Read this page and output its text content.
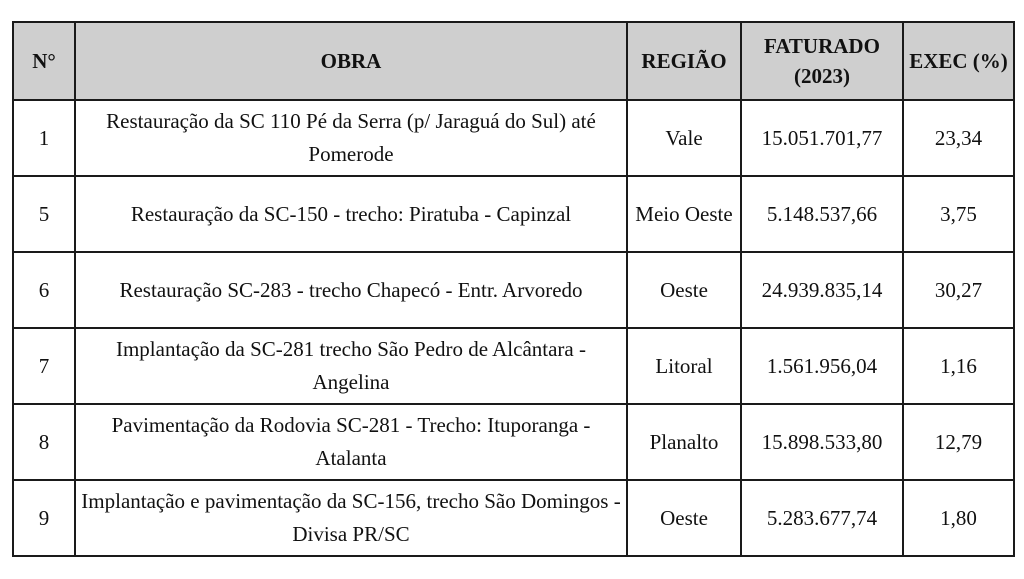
N°	OBRA	REGIÃO	FATURADO (2023)	EXEC (%)
1	Restauração da SC 110 Pé da Serra (p/ Jaraguá do Sul) até Pomerode	Vale	15.051.701,77	23,34
5	Restauração da SC-150 - trecho: Piratuba - Capinzal	Meio Oeste	5.148.537,66	3,75
6	Restauração SC-283 - trecho Chapecó - Entr. Arvoredo	Oeste	24.939.835,14	30,27
7	Implantação da SC-281 trecho São Pedro de Alcântara - Angelina	Litoral	1.561.956,04	1,16
8	Pavimentação da Rodovia SC-281 - Trecho: Ituporanga - Atalanta	Planalto	15.898.533,80	12,79
9	Implantação e pavimentação da SC-156, trecho São Domingos - Divisa PR/SC	Oeste	5.283.677,74	1,80
